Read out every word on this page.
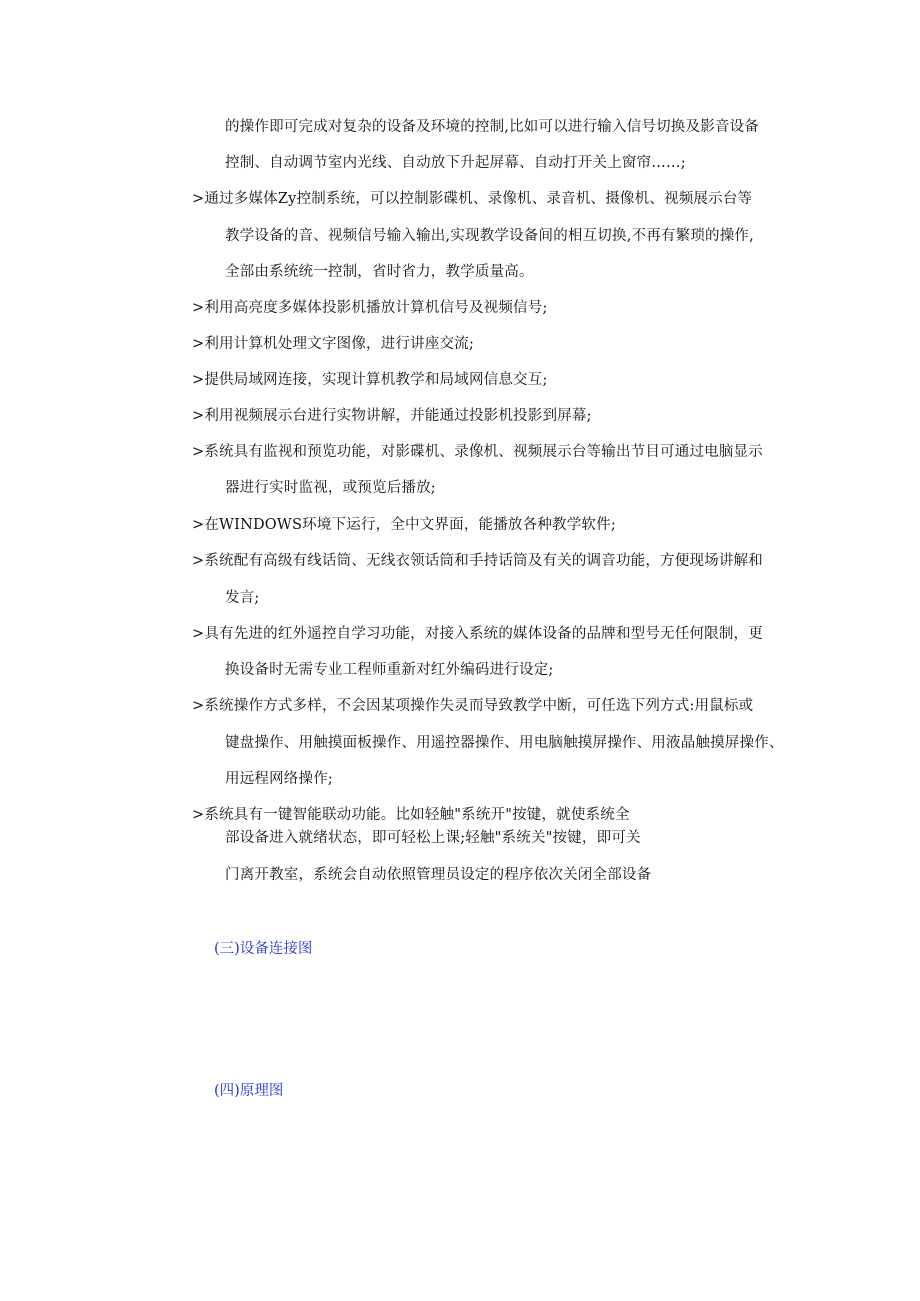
的操作即可完成对复杂的设备及环境的控制,比如可以进行输入信号切换及影音设备
控制、自动调节室内光线、自动放下升起屏幕、自动打开关上窗帘……;
>通过多媒体Zy控制系统，可以控制影碟机、录像机、录音机、摄像机、视频展示台等
教学设备的音、视频信号输入输出,实现教学设备间的相互切换,不再有繁琐的操作,
全部由系统统一控制，省时省力，教学质量高。
>利用高亮度多媒体投影机播放计算机信号及视频信号;
>利用计算机处理文字图像，进行讲座交流;
>提供局域网连接，实现计算机教学和局域网信息交互;
>利用视频展示台进行实物讲解，并能通过投影机投影到屏幕;
>系统具有监视和预览功能，对影碟机、录像机、视频展示台等输出节目可通过电脑显示
器进行实时监视，或预览后播放;
>在WINDOWS环境下运行，全中文界面，能播放各种教学软件;
>系统配有高级有线话筒、无线衣领话筒和手持话筒及有关的调音功能，方便现场讲解和
发言;
>具有先进的红外遥控自学习功能，对接入系统的媒体设备的品牌和型号无任何限制，更
换设备时无需专业工程师重新对红外编码进行设定;
>系统操作方式多样，不会因某项操作失灵而导致教学中断，可任选下列方式:用鼠标或
键盘操作、用触摸面板操作、用遥控器操作、用电脑触摸屏操作、用液晶触摸屏操作、
用远程网络操作;
>系统具有一键智能联动功能。比如轻触"系统开"按键，就使系统全
部设备进入就绪状态，即可轻松上课;轻触"系统关"按键，即可关
门离开教室，系统会自动依照管理员设定的程序依次关闭全部设备
(三)设备连接图
(四)原理图
